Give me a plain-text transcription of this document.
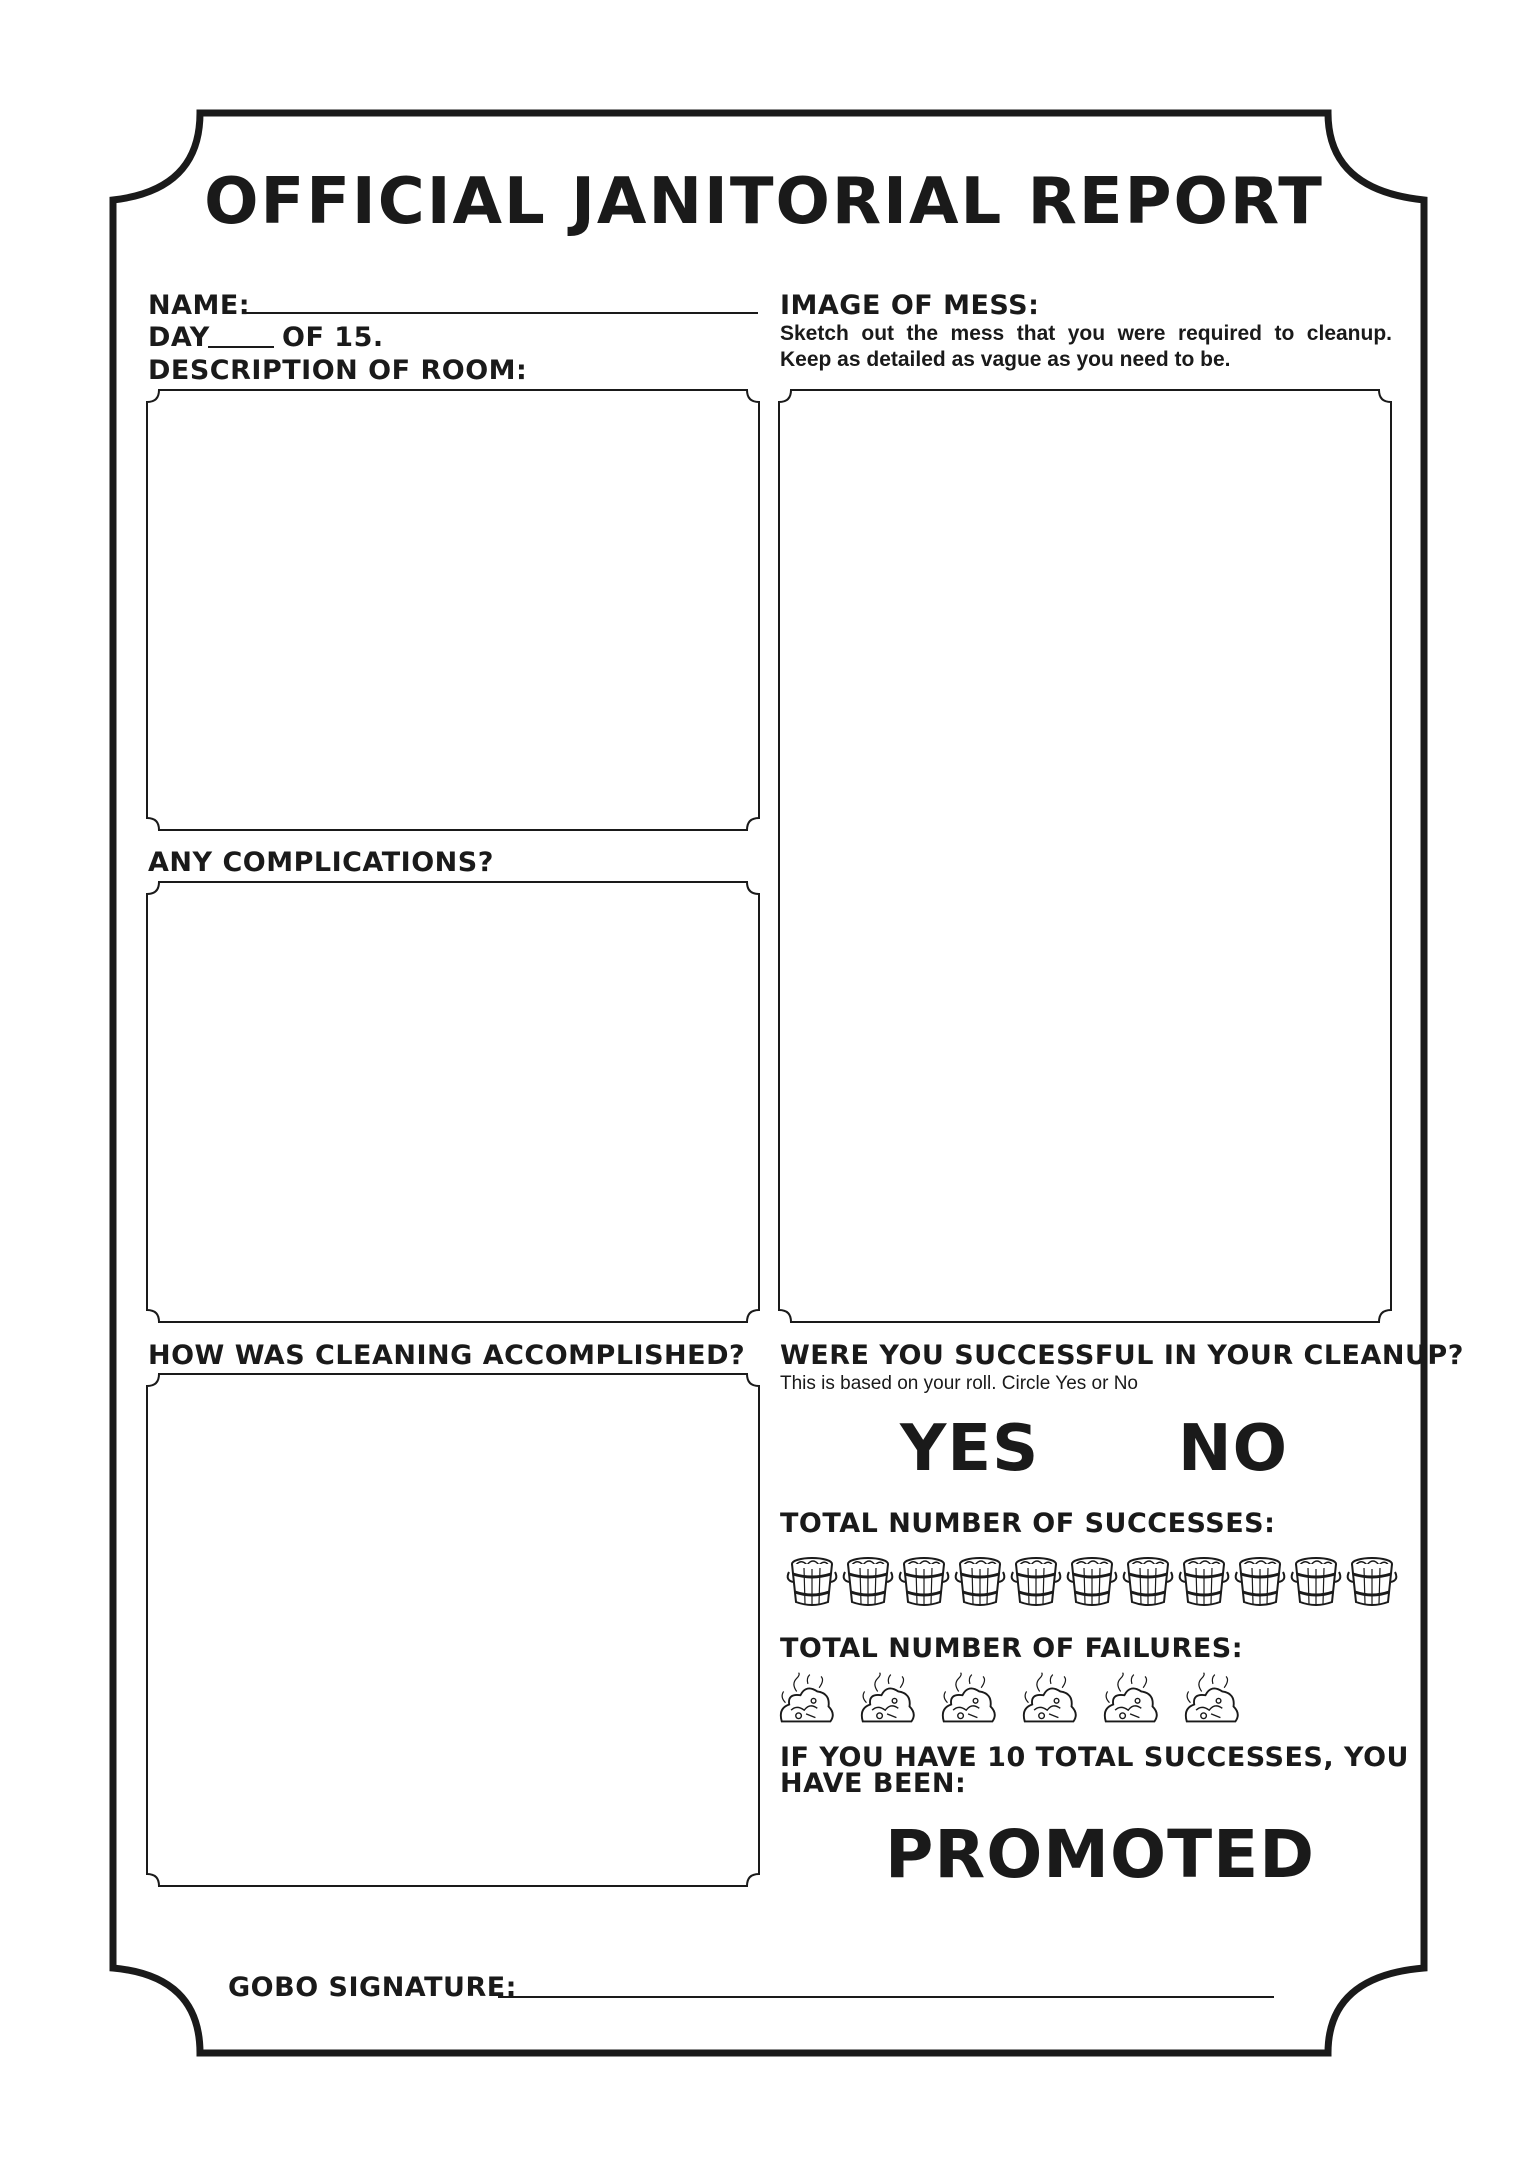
OFFICIAL JANITORIAL REPORT
NAME:
DAY	OF 15.
DESCRIPTION OF ROOM:
IMAGE OF MESS:
Sketch out the mess that you were required to cleanup.
Keep as detailed as vague as you need to be.
ANY COMPLICATIONS?
HOW WAS CLEANING ACCOMPLISHED? WERE YOU SUCCESSFUL IN YOUR CLEANUP?
This is based on your roll. Circle Yes or No
YES NO
TOTAL NUMBER OF SUCCESSES:
TOTAL NUMBER OF FAILURES:
IF YOU HAVE 10 TOTAL SUCCESSES, YOU
HAVE BEEN:
PROMOTED
GOBO SIGNATURE:
